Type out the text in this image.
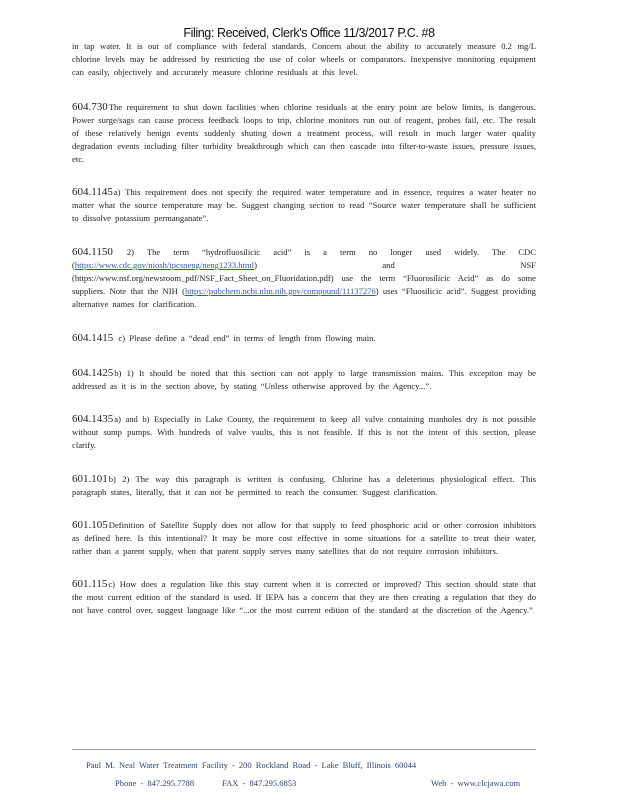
Filing: Received, Clerk's Office 11/3/2017 P.C. #8

in tap water. It is out of compliance with federal standards. Concern about the ability to accurately measure 0.2 mg/L chlorine levels may be addressed by restricting the use of color wheels or comparators. Inexpensive monitoring equipment can easily, objectively and accurately measure chlorine residuals at this level.

604.730The requirement to shut down facilities when chlorine residuals at the entry point are below limits, is dangerous. Power surge/sags can cause process feedback loops to trip, chlorine monitors run out of reagent, probes fail, etc. The result of these relatively benign events suddenly shuting down a treatment process, will result in much larger water quality degradation events including filter turbidity breakthrough which can then cascade into filter-to-waste issues, pressure issues, etc.

604.1145a) This requirement does not specify the required water temperature and in essence, requires a water heater no matter what the source temperature may be. Suggest changing section to read “Source water temperature shall be sufficient to dissolve potassium permanganate”.

604.1150 2) The term “hydrofluosilicic acid” is a term no longer used widely. The CDC (https://www.cdc.gov/niosh/ipcsneng/neng1233.html) and NSF (https://www.nsf.org/newsroom_pdf/NSF_Fact_Sheet_on_Fluoridation.pdf) use the term “Fluorosilicic Acid” as do some suppliers. Note that the NIH (https://pubchem.ncbi.nlm.nih.gov/compound/11137276) uses “Fluosilicic acid”. Suggest providing alternative names for clarification.

604.1415 c) Please define a “dead end” in terms of length from flowing main.

604.1425b) 1) It should be noted that this section can not apply to large transmission mains. This exception may be addressed as it is in the section above, by stating “Unless otherwise approved by the Agency...”.

604.1435a) and b) Especially in Lake County, the requirement to keep all valve containing manholes dry is not possible without sump pumps. With hundreds of valve vaults, this is not feasible. If this is not the intent of this section, please clarify.

601.101b) 2) The way this paragraph is written is confusing. Chlorine has a deleterious physiological effect. This paragraph states, literally, that it can not be permitted to reach the consumer. Suggest clarification.

601.105Definition of Satellite Supply does not allow for that supply to feed phosphoric acid or other corrosion inhibitors as defined here. Is this intentional? It may be more cost effective in some situations for a satellite to treat their water, rather than a parent supply, when that parent supply serves many satellites that do not require corrosion inhibitors.

601.115c) How does a regulation like this stay current when it is corrected or improved? This section should state that the most current edition of the standard is used. If IEPA has a concern that they are then creating a regulation that they do not have control over, suggest language like “...or the most current edition of the standard at the discretion of the Agency.”

Paul M. Neal Water Treatment Facility - 200 Rockland Road - Lake Bluff, Illinois 60044
Phone - 847.295.7788	FAX - 847.295.6853	Web - www.clcjawa.com
